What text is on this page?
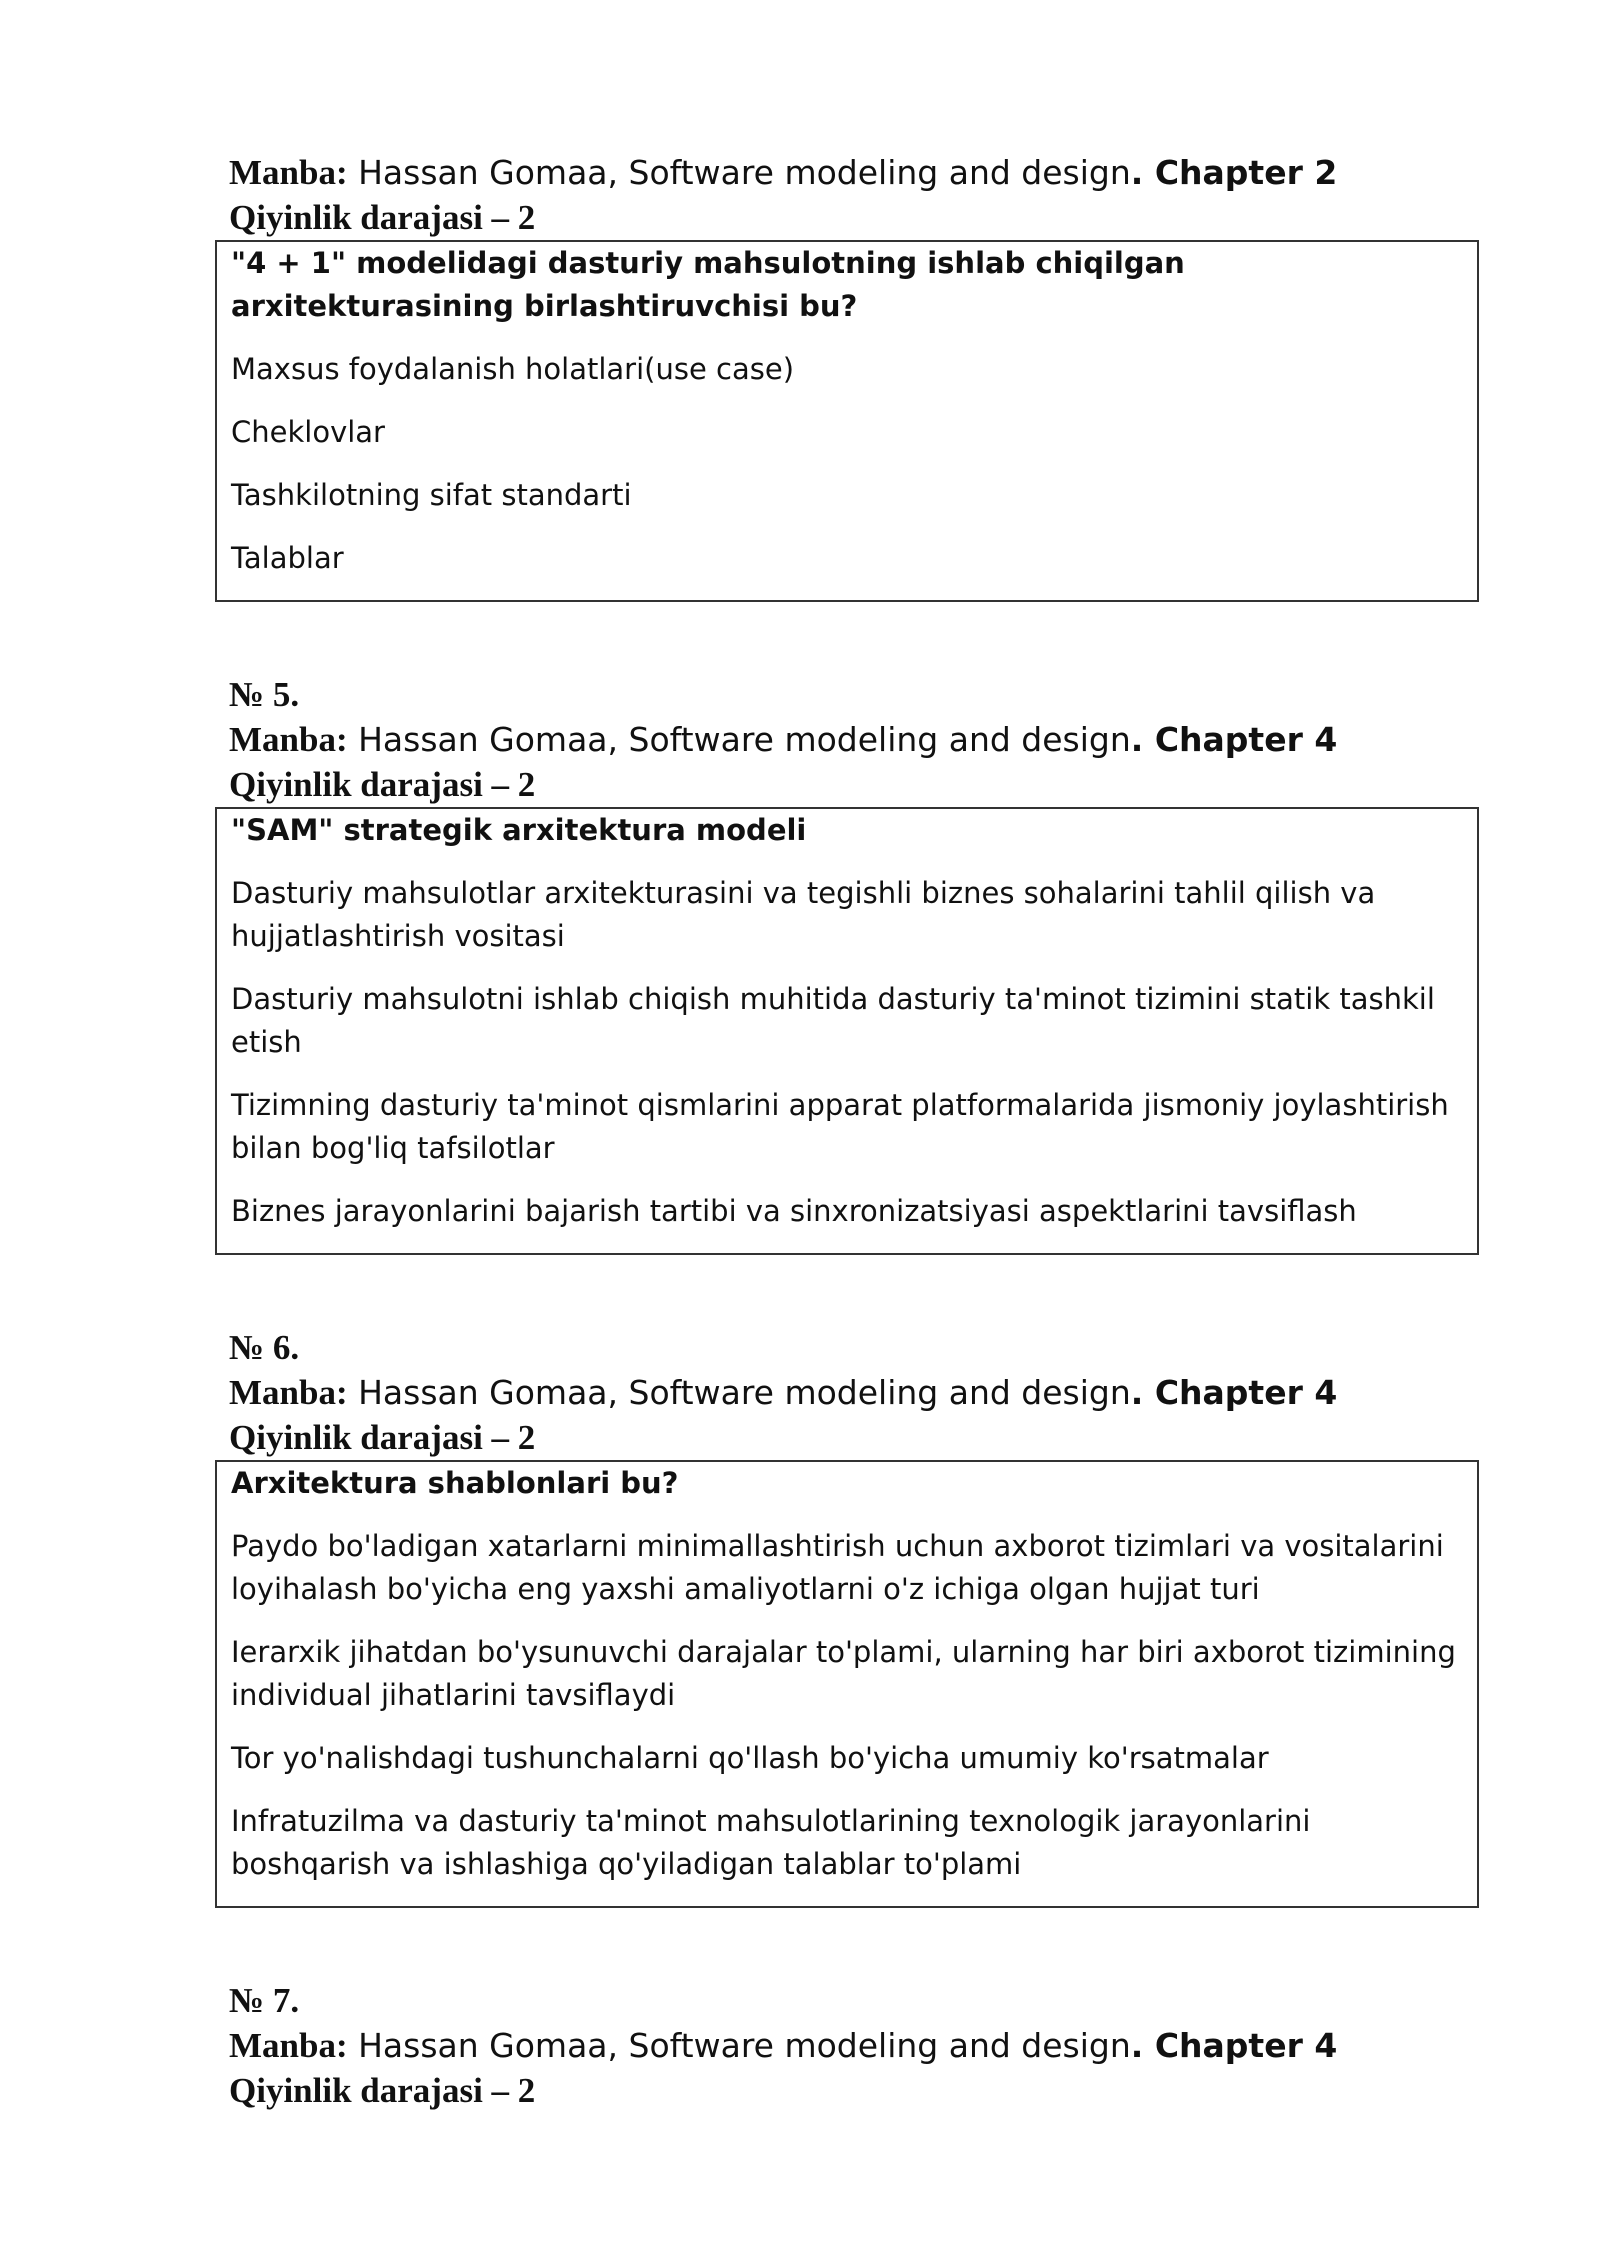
Manba: Hassan Gomaa, Software modeling and design. Chapter 2
Qiyinlik darajasi – 2
"4 + 1" modelidagi dasturiy mahsulotning ishlab chiqilgan arxitekturasining birlashtiruvchisi bu?
Maxsus foydalanish holatlari(use case)
Cheklovlar
Tashkilotning sifat standarti
Talablar
№ 5.
Manba: Hassan Gomaa, Software modeling and design. Chapter 4
Qiyinlik darajasi – 2
"SAM" strategik arxitektura modeli
Dasturiy mahsulotlar arxitekturasini va tegishli biznes sohalarini tahlil qilish va hujjatlashtirish vositasi
Dasturiy mahsulotni ishlab chiqish muhitida dasturiy ta'minot tizimini statik tashkil etish
Tizimning dasturiy ta'minot qismlarini apparat platformalarida jismoniy joylashtirish bilan bog'liq tafsilotlar
Biznes jarayonlarini bajarish tartibi va sinxronizatsiyasi aspektlarini tavsiflash
№ 6.
Manba: Hassan Gomaa, Software modeling and design. Chapter 4
Qiyinlik darajasi – 2
Arxitektura shablonlari bu?
Paydo bo'ladigan xatarlarni minimallashtirish uchun axborot tizimlari va vositalarini loyihalash bo'yicha eng yaxshi amaliyotlarni o'z ichiga olgan hujjat turi
Ierarxik jihatdan bo'ysunuvchi darajalar to'plami, ularning har biri axborot tizimining individual jihatlarini tavsiflaydi
Tor yo'nalishdagi tushunchalarni qo'llash bo'yicha umumiy ko'rsatmalar
Infratuzilma va dasturiy ta'minot mahsulotlarining texnologik jarayonlarini boshqarish va ishlashiga qo'yiladigan talablar to'plami
№ 7.
Manba: Hassan Gomaa, Software modeling and design. Chapter 4
Qiyinlik darajasi – 2
